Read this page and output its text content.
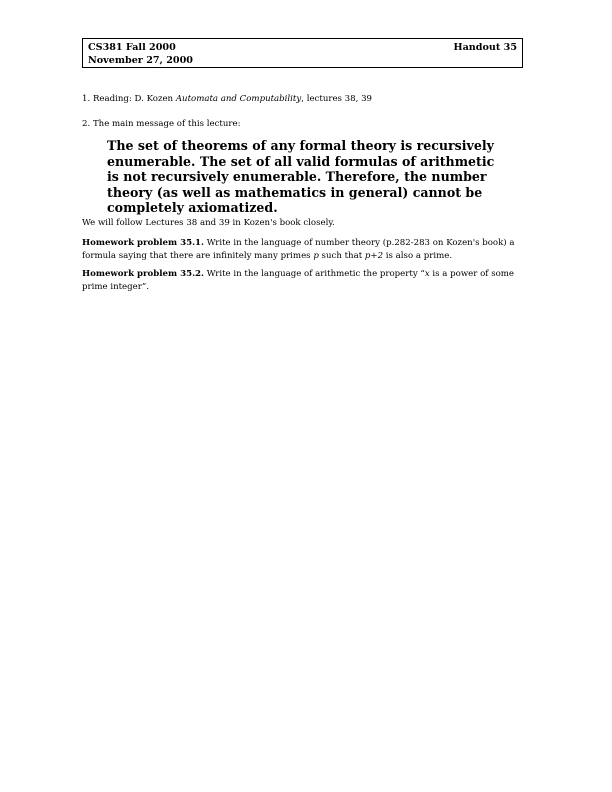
CS381 Fall 2000	Handout 35
November 27, 2000
1. Reading: D. Kozen Automata and Computability, lectures 38, 39
2. The main message of this lecture:
The set of theorems of any formal theory is recursively enumerable. The set of all valid formulas of arithmetic is not recursively enumerable. Therefore, the number theory (as well as mathematics in general) cannot be completely axiomatized.
We will follow Lectures 38 and 39 in Kozen's book closely.
Homework problem 35.1. Write in the language of number theory (p.282-283 on Kozen's book) a formula saying that there are infinitely many primes p such that p+2 is also a prime.
Homework problem 35.2. Write in the language of arithmetic the property “x is a power of some prime integer”.
